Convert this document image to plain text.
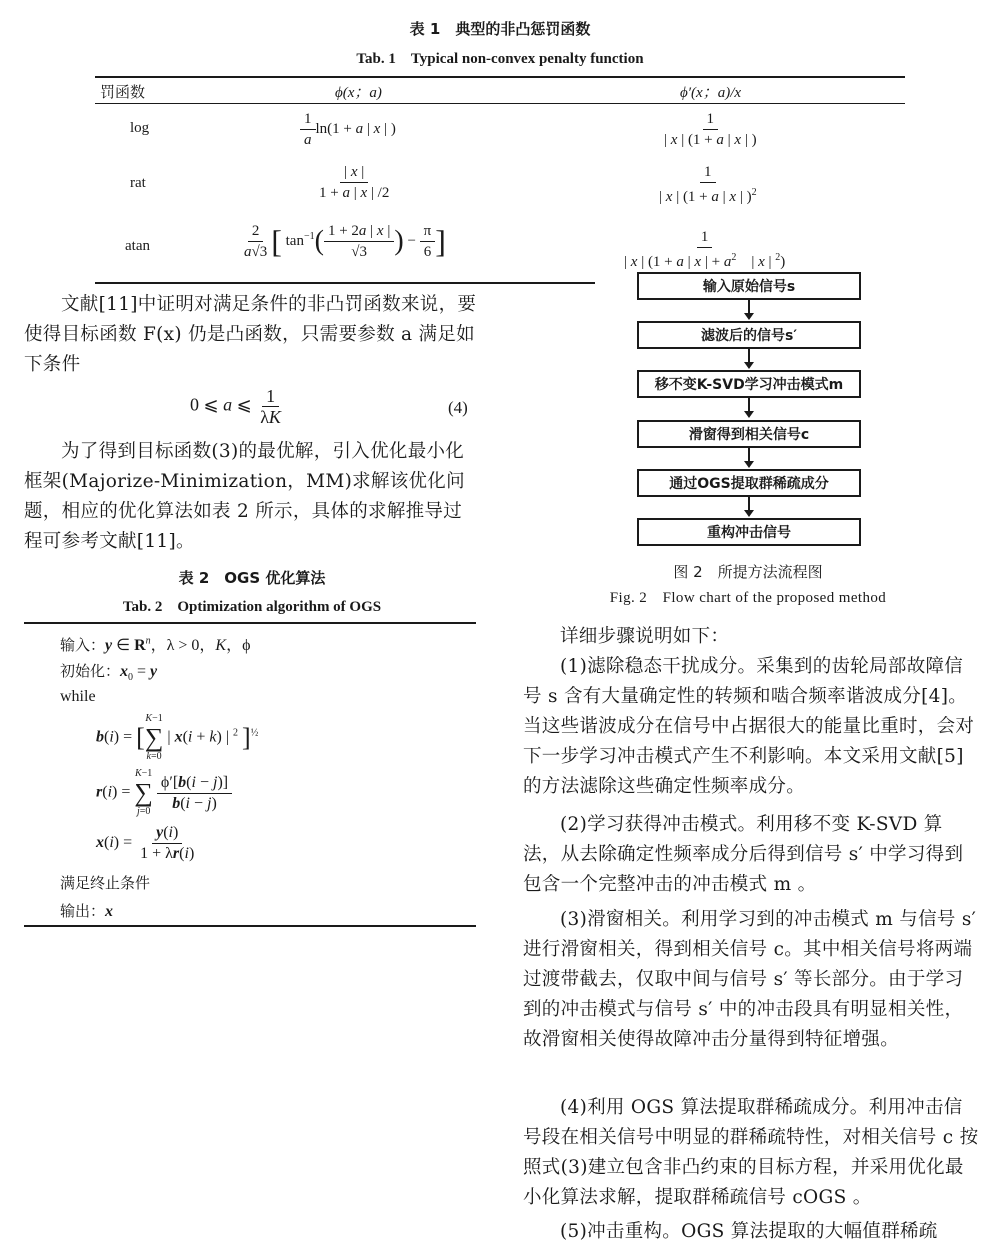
表 1　典型的非凸惩罚函数
Tab. 1　Typical non-convex penalty function
罚函数	ϕ(x；a)	ϕ′(x；a)/x
log	$\frac{1}{a} \ln(1 + a$ | x | )	$\frac{1}{| x | (1 + a | x | )}$
rat	$\frac{| x |}{1 + a | x | /2}$	$\frac{1}{| x | (1 + a | x | )^2}$
atan	$\frac{2}{a√3}$ [ $\tan^{-1}( \frac{1 + 2a | x |}{√3}$ ) − $\frac{\pi}{6}$ ]	$\frac{1}{| x | (1 + a | x | + a^2 | x | ^2)}$
文献[11]中证明对满足条件的非凸罚函数来说，要使得目标函数 F(x) 仍是凸函数，只需要参数 a 满足如下条件
0 ⩽ a ⩽ $\frac{1}{\lambda K}$	(4)
为了得到目标函数(3)的最优解，引入优化最小化框架(Majorize-Minimization，MM)求解该优化问题，相应的优化算法如表 2 所示，具体的求解推导过程可参考文献[11]。
表 2　OGS 优化算法
Tab. 2　Optimization algorithm of OGS
输入：y ∈ $R^n$，λ > 0，K，ϕ
初始化：$x_0 = y$
while
b(i) = [
K−1
∑
k=0
| x(i + k) | $^2$ ]$^{\frac{1}{2}}$
r(i) =
K−1
∑
j=0
$\frac{\phi'[b(i - j)]}{b(i - j)}$
$x(i) = \frac{y(i)}{1 + \lambda r(i)}$
满足终止条件
输出：x
输入原始信号s
滤波后的信号s′
移不变K-SVD学习冲击模式m
滑窗得到相关信号c
通过OGS提取群稀疏成分
重构冲击信号
图 2　所提方法流程图
Fig. 2　Flow chart of the proposed method
详细步骤说明如下：
(1)滤除稳态干扰成分。采集到的齿轮局部故障信号 s 含有大量确定性的转频和啮合频率谐波成分[4]。当这些谐波成分在信号中占据很大的能量比重时，会对下一步学习冲击模式产生不利影响。本文采用文献[5]的方法滤除这些确定性频率成分。
(2)学习获得冲击模式。利用移不变 K-SVD 算法，从去除确定性频率成分后得到信号 s′ 中学习得到包含一个完整冲击的冲击模式 m 。
(3)滑窗相关。利用学习到的冲击模式 m 与信号 s′ 进行滑窗相关，得到相关信号 c。其中相关信号将两端过渡带截去，仅取中间与信号 s′ 等长部分。由于学习到的冲击模式与信号 s′ 中的冲击段具有明显相关性，故滑窗相关使得故障冲击分量得到特征增强。
(4)利用 OGS 算法提取群稀疏成分。利用冲击信号段在相关信号中明显的群稀疏特性，对相关信号 c 按照式(3)建立包含非凸约束的目标方程，并采用优化最小化算法求解，提取群稀疏信号 cOGS 。
(5)冲击重构。OGS 算法提取的大幅值群稀疏
